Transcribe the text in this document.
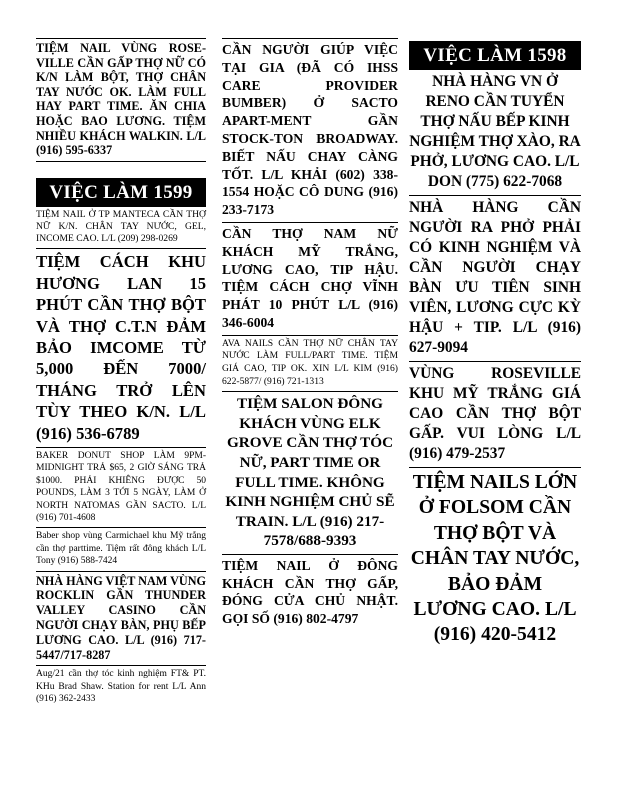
TIỆM NAIL VÙNG ROSE-VILLE CẦN GẤP THỢ NỮ CÓ K/N LÀM BỘT, THỢ CHÂN TAY NƯỚC OK. LÀM FULL HAY PART TIME. ĂN CHIA HOẶC BAO LƯƠNG. TIỆM NHIỀU KHÁCH WALKIN. L/L (916) 595-6337

VIỆC LÀM 1599

TIỆM NAIL Ở TP MANTECA CẦN THỢ NỮ K/N. CHÂN TAY NƯỚC, GEL, INCOME CAO. L/L (209) 298-0269

TIỆM CÁCH KHU HƯƠNG LAN 15 PHÚT CẦN THỢ BỘT VÀ THỢ C.T.N ĐẢM BẢO IMCOME TỪ 5,000 ĐẾN 7000/ THÁNG TRỞ LÊN TÙY THEO K/N. L/L (916) 536-6789

BAKER DONUT SHOP LÀM 9PM-MIDNIGHT TRẢ $65, 2 GIỜ SÁNG TRẢ $1000. PHẢI KHIÊNG ĐƯỢC 50 POUNDS, LÀM 3 TỚI 5 NGÀY, LÀM Ở NORTH NATOMAS GẦN SACTO. L/L (916) 701-4608

Baber shop vùng Carmichael khu Mỹ trắng cần thợ parttime. Tiệm rất đông khách L/L Tony (916) 588-7424

NHÀ HÀNG VIỆT NAM VÙNG ROCKLIN GẦN THUNDER VALLEY CASINO CẦN NGƯỜI CHẠY BÀN, PHỤ BẾP LƯƠNG CAO. L/L (916) 717-5447/717-8287

Aug/21 cần thợ tóc kinh nghiệm FT& PT. KHu Brad Shaw. Station for rent L/L Ann (916) 362-2433

CẦN NGƯỜI GIÚP VIỆC TẠI GIA (ĐÃ CÓ IHSS CARE PROVIDER BUMBER) Ở SACTO APART-MENT GẦN STOCK-TON BROADWAY. BIẾT NẤU CHAY CÀNG TỐT. L/L KHẢI (602) 338-1554 HOẶC CÔ DUNG (916) 233-7173

CẦN THỢ NAM NỮ KHÁCH MỸ TRẮNG, LƯƠNG CAO, TIP HẬU. TIỆM CÁCH CHỢ VĨNH PHÁT 10 PHÚT L/L (916) 346-6004

AVA NAILS CẦN THỢ NỮ CHÂN TAY NƯỚC LÀM FULL/PART TIME. TIỆM GIÁ CAO, TIP OK. XIN L/L KIM (916) 622-5877/ (916) 721-1313

TIỆM SALON ĐÔNG KHÁCH VÙNG ELK GROVE CẦN THỢ TÓC NỮ, PART TIME OR FULL TIME. KHÔNG KINH NGHIỆM CHỦ SẼ TRAIN. L/L (916) 217-7578/688-9393

TIỆM NAIL Ở ĐÔNG KHÁCH CẦN THỢ GẤP, ĐÓNG CỬA CHỦ NHẬT. GỌI SỐ (916) 802-4797

VIỆC LÀM 1598

NHÀ HÀNG VN Ở RENO CẦN TUYỂN THỢ NẤU BẾP KINH NGHIỆM THỢ XÀO, RA PHỞ, LƯƠNG CAO. L/L DON (775) 622-7068

NHÀ HÀNG CẦN NGƯỜI RA PHỞ PHẢI CÓ KINH NGHIỆM VÀ CẦN NGƯỜI CHẠY BÀN ƯU TIÊN SINH VIÊN, LƯƠNG CỰC KỲ HẬU + TIP. L/L (916) 627-9094

VÙNG ROSEVILLE KHU MỸ TRẮNG GIÁ CAO CẦN THỢ BỘT GẤP. VUI LÒNG L/L (916) 479-2537

TIỆM NAILS LỚN Ở FOLSOM CẦN THỢ BỘT VÀ CHÂN TAY NƯỚC, BẢO ĐẢM LƯƠNG CAO. L/L (916) 420-5412
